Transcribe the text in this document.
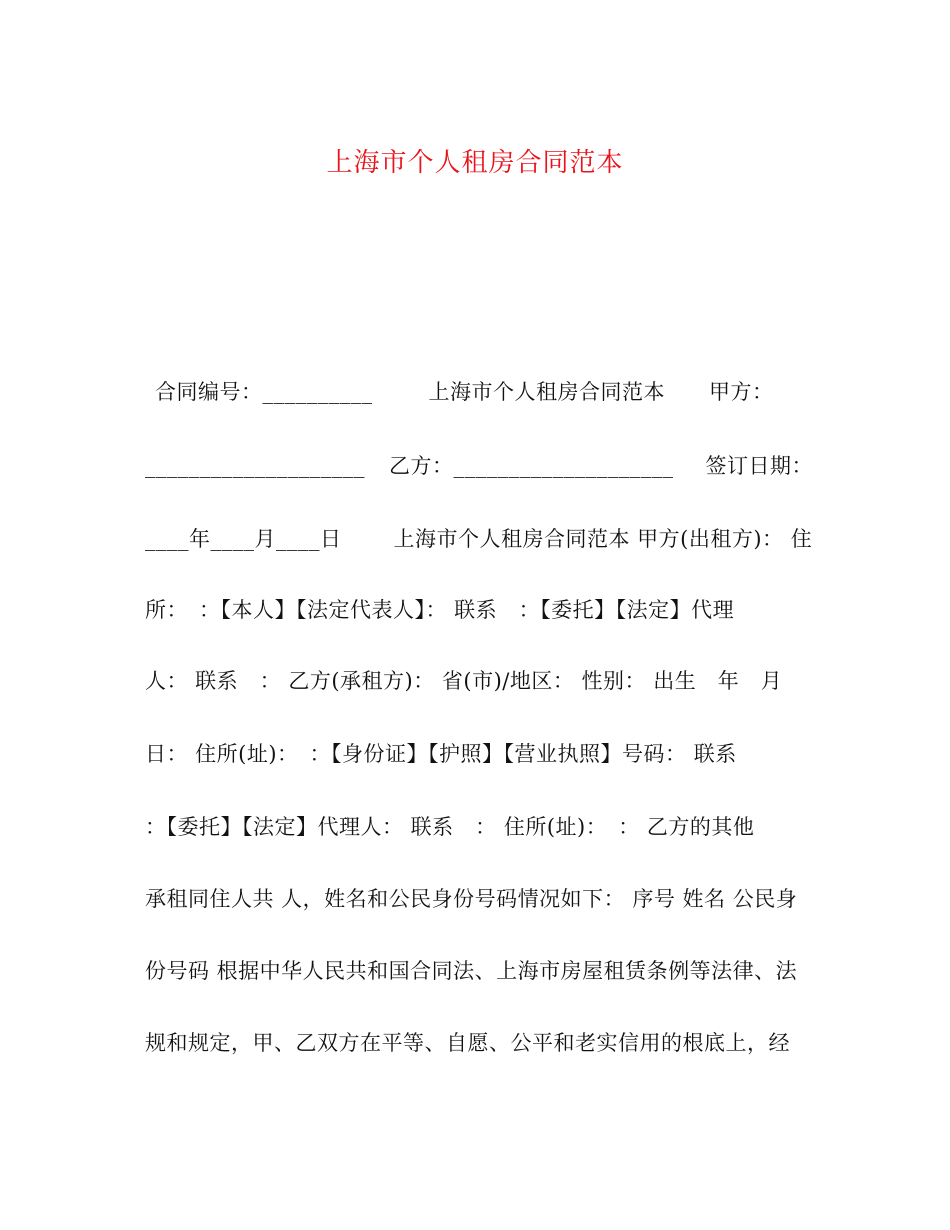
上海市个人租房合同范本
合同编号：__________	上海市个人租房合同范本 甲方：
____________________ 乙方：____________________ 签订日期：
____年____月____日 上海市个人租房合同范本 甲方(出租方)： 住
所：　：【本人】【法定代表人】： 联系　：【委托】【法定】代理
人： 联系　： 乙方(承租方)： 省(市)/地区： 性别： 出生　年　月
日： 住所(址)：　：【身份证】【护照】【营业执照】号码： 联系
：【委托】【法定】代理人： 联系　： 住所(址)：　： 乙方的其他
承租同住人共 人，姓名和公民身份号码情况如下： 序号 姓名 公民身
份号码 根据中华人民共和国合同法、上海市房屋租赁条例等法律、法
规和规定，甲、乙双方在平等、自愿、公平和老实信用的根底上，经
